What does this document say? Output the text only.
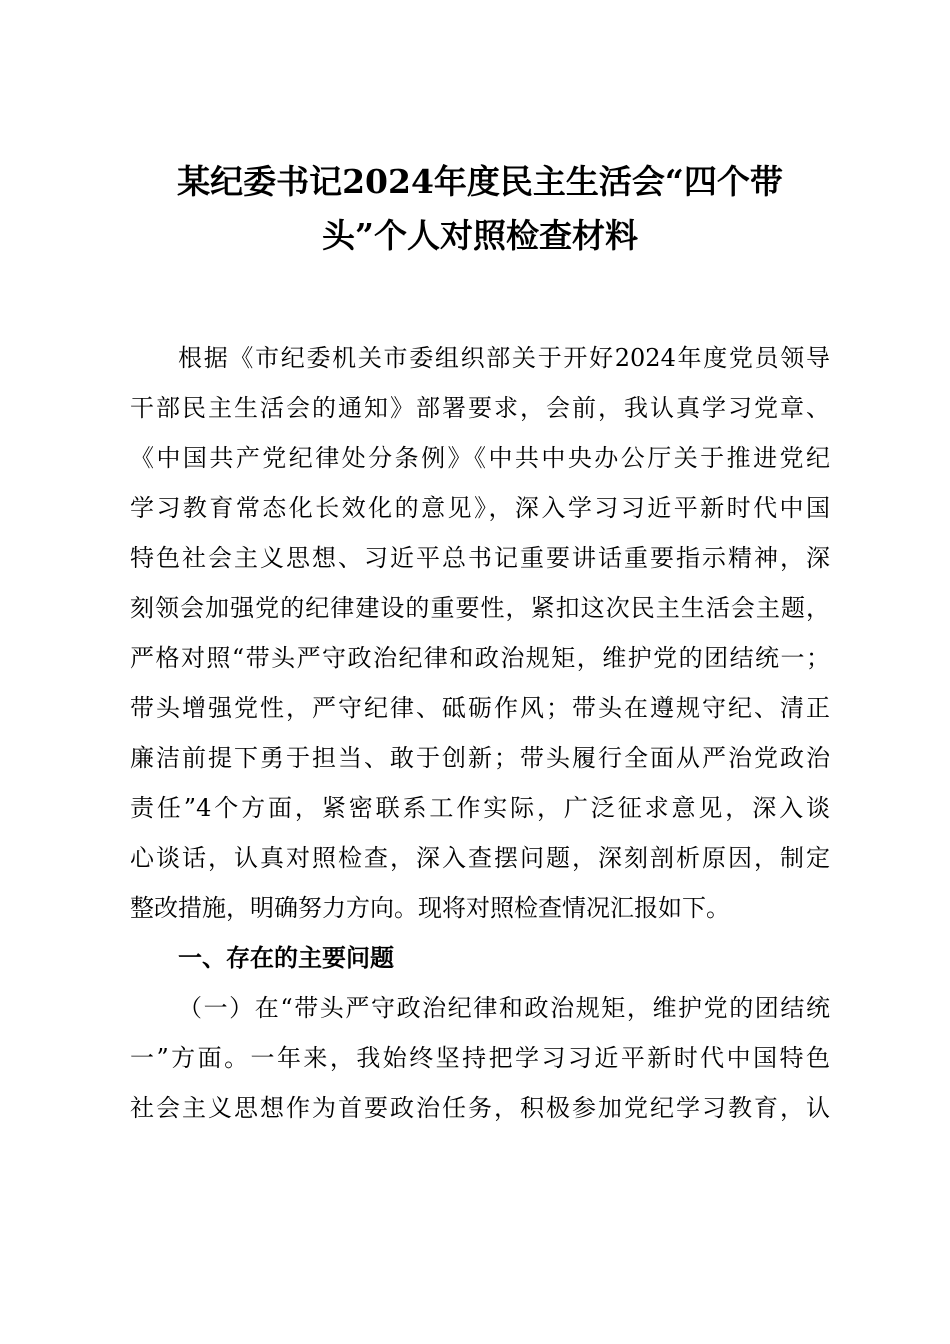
某纪委书记2024年度民主生活会“四个带
头”个人对照检查材料
根据《市纪委机关市委组织部关于开好2024年度党员领导
干部民主生活会的通知》部署要求，会前，我认真学习党章、
《中国共产党纪律处分条例》《中共中央办公厅关于推进党纪
学习教育常态化长效化的意见》，深入学习习近平新时代中国
特色社会主义思想、习近平总书记重要讲话重要指示精神，深
刻领会加强党的纪律建设的重要性，紧扣这次民主生活会主题，
严格对照“带头严守政治纪律和政治规矩，维护党的团结统一；
带头增强党性，严守纪律、砥砺作风；带头在遵规守纪、清正
廉洁前提下勇于担当、敢于创新；带头履行全面从严治党政治
责任”4个方面，紧密联系工作实际，广泛征求意见，深入谈
心谈话，认真对照检查，深入查摆问题，深刻剖析原因，制定
整改措施，明确努力方向。现将对照检查情况汇报如下。
一、存在的主要问题
（一）在“带头严守政治纪律和政治规矩，维护党的团结统
一”方面。一年来，我始终坚持把学习习近平新时代中国特色
社会主义思想作为首要政治任务，积极参加党纪学习教育，认
